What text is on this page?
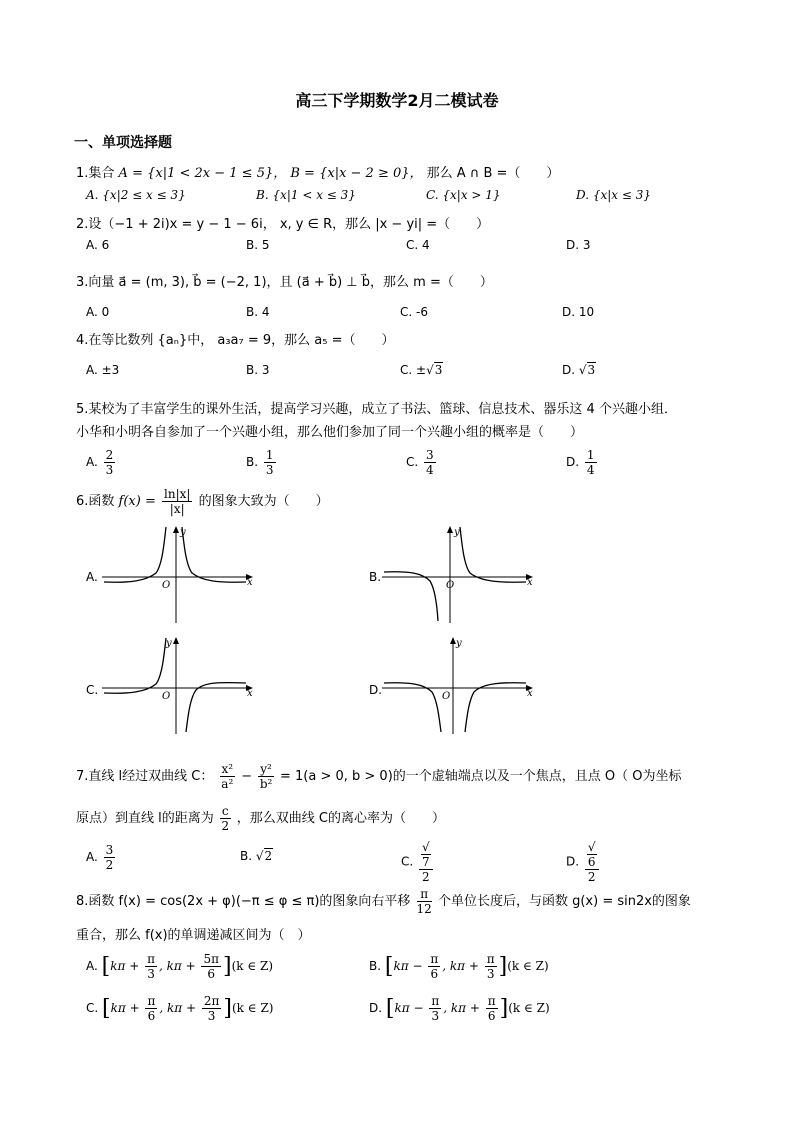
高三下学期数学2月二模试卷
一、单项选择题
1.集合 A = {x|1 < 2x − 1 ≤ 5}， B = {x|x − 2 ≥ 0}， 那么 A ∩ B =（　　）
A. {x|2 ≤ x ≤ 3}	B. {x|1 < x ≤ 3}	C. {x|x > 1}	D. {x|x ≤ 3}
2.设（−1 + 2i)x = y − 1 − 6i， x, y ∈ R，那么 |x − yi| =（　　）
A. 6	B. 5	C. 4	D. 3
3.向量 a⃗ = (m, 3), b⃗ = (−2, 1)，且 (a⃗ + b⃗) ⊥ b⃗，那么 m =（　　）
A. 0	B. 4	C. -6	D. 10
4.在等比数列 {aₙ}中， a₃a₇ = 9，那么 a₅ =（　　）
A. ±3	B. 3	C. ±√3	D. √3
5.某校为了丰富学生的课外生活，提高学习兴趣，成立了书法、篮球、信息技术、器乐这 4 个兴趣小组．
小华和小明各自参加了一个兴趣小组，那么他们参加了同一个兴趣小组的概率是（　　）
A. $\frac{2}{3}$	B. $\frac{1}{3}$	C. $\frac{3}{4}$	D. $\frac{1}{4}$
6.函数 $f(x) = \frac{\ln|x|}{|x|}$ 的图象大致为（　　）
A.
O	x
y
B.
O	x
y
C.	O	x
y
D.	O	x
y
7.直线 l经过双曲线 C： $\frac{\text{x²}}{\text{a²}} - \frac{\text{y²}}{\text{b²}} = 1(a > 0$, b > 0)的一个虚轴端点以及一个焦点，且点 O（ O为坐标
原点）到直线 l的距离为 $\frac{c}{2}$ ，那么双曲线 C的离心率为（　　）
A. $\frac{3}{2}$	B. √2	C. √
7
2	D. √
6
2
8.函数 f(x) = cos(2x + φ)(−π ≤ φ ≤ π)的图象向右平移 $\frac{\pi}{12}$ 个单位长度后，与函数 g(x) = sin2x的图象
重合，那么 f(x)的单调递减区间为（　）
A. [$k\pi + \frac{\pi}{3}$ , $k\pi + \frac{5\pi}{6} ](k$ ∈ Z)	B. [$k\pi - \frac{\pi}{6}$ , $k\pi + \frac{\pi}{3} ](k$ ∈ Z)
C. [$k\pi + \frac{\pi}{6}$ , $k\pi + \frac{2\pi}{3} ](k$ ∈ Z)	D. [$k\pi - \frac{\pi}{3}$ , $k\pi + \frac{\pi}{6} ](k$ ∈ Z)
